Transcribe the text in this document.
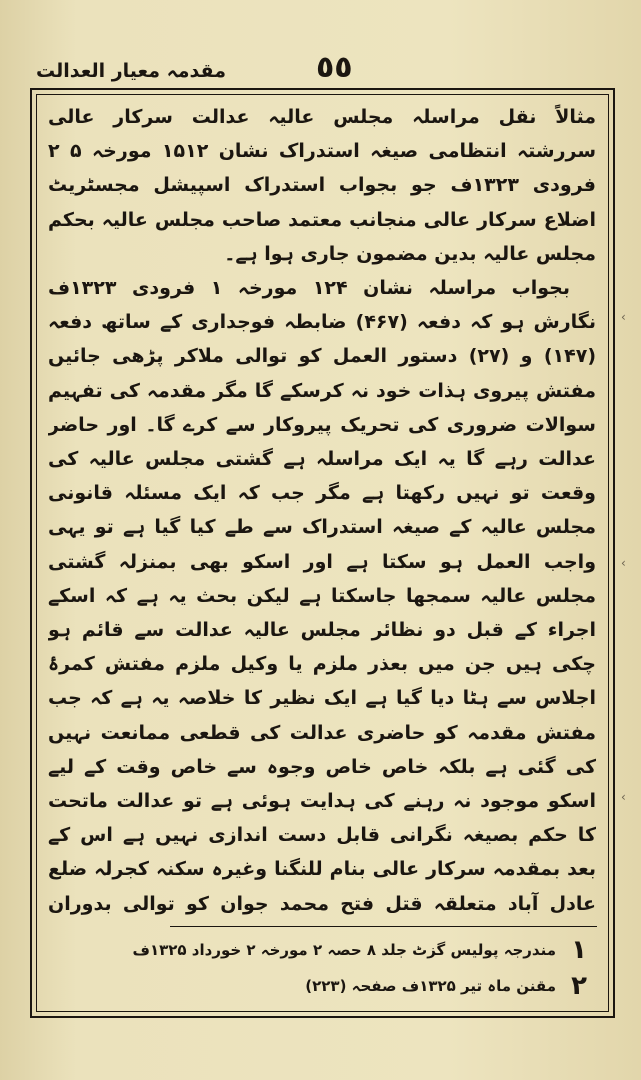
مقدمہ معیار العدالت	٥٥

مثالاً نقل مراسلہ مجلس عالیہ عدالت سرکار عالی سررشتہ انتظامی صیغہ استدراک نشان ۱۵۱۲ مورخہ ۵ ۲ فرودی ۱۳۲۳ف جو بجواب استدراک اسپیشل مجسٹریٹ اضلاع سرکار عالی منجانب معتمد صاحب مجلس عالیہ بحکم مجلس عالیہ بدین مضمون جاری ہوا ہے۔

بجواب مراسلہ نشان ۱۲۴ مورخہ ۱ فرودی ۱۳۲۳ف نگارش ہو کہ دفعہ (۴۶۷) ضابطہ فوجداری کے ساتھ دفعہ (۱۴۷) و (۲۷) دستور العمل کو توالی ملاکر پڑھی جائیں مفتش پیروی ہذات خود نہ کرسکے گا مگر مقدمہ کی تفہیم سوالات ضروری کی تحریک پیروکار سے کرے گا۔ اور حاضر عدالت رہے گا یہ ایک مراسلہ ہے گشتی مجلس عالیہ کی وقعت تو نہیں رکھتا ہے مگر جب کہ ایک مسئلہ قانونی مجلس عالیہ کے صیغہ استدراک سے طے کیا گیا ہے تو یہی واجب العمل ہو سکتا ہے اور اسکو بھی بمنزلہ گشتی مجلس عالیہ سمجھا جاسکتا ہے لیکن بحث یہ ہے کہ اسکے اجراء کے قبل دو نظائر مجلس عالیہ عدالت سے قائم ہو چکی ہیں جن میں بعذر ملزم یا وکیل ملزم مفتش کمرۂ اجلاس سے ہٹا دیا گیا ہے ایک نظیر کا خلاصہ یہ ہے کہ جب مفتش مقدمہ کو حاضری عدالت کی قطعی ممانعت نہیں کی گئی ہے بلکہ خاص خاص وجوہ سے خاص وقت کے لیے اسکو موجود نہ رہنے کی ہدایت ہوئی ہے تو عدالت ماتحت کا حکم بصیغہ نگرانی قابل دست اندازی نہیں ہے اس کے بعد بمقدمہ سرکار عالی بنام للنگنا وغیرہ سکنہ کجرلہ ضلع عادل آباد متعلقہ قتل فتح محمد جوان کو توالی بدوران

١
مندرجہ پولیس گزٹ جلد ۸ حصہ ۲ مورخہ ۲ خورداد ۱۳۲۵ف
٢
مقنن ماہ تیر ۱۳۲۵ف صفحہ (۲۲۳)
‹
‹
‹
